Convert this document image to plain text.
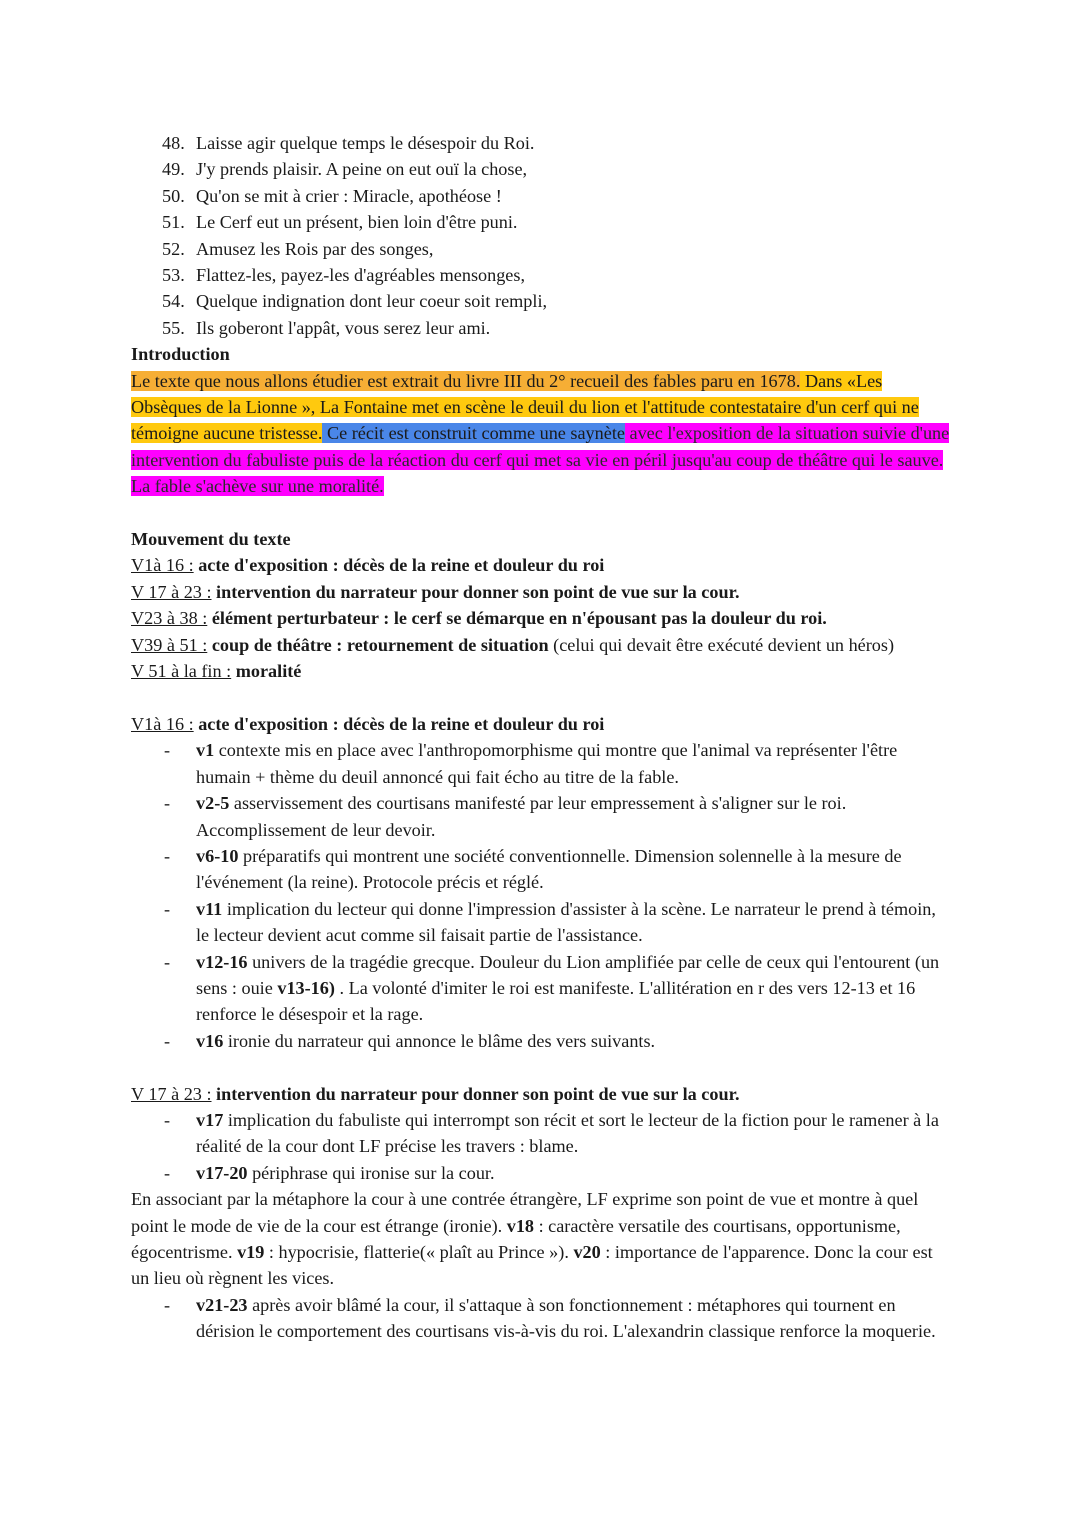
48. Laisse agir quelque temps le désespoir du Roi.
49. J'y prends plaisir. A peine on eut ouï la chose,
50. Qu'on se mit à crier : Miracle, apothéose !
51. Le Cerf eut un présent, bien loin d'être puni.
52. Amusez les Rois par des songes,
53. Flattez-les, payez-les d'agréables mensonges,
54. Quelque indignation dont leur coeur soit rempli,
55. Ils goberont l'appât, vous serez leur ami.

Introduction

Le texte que nous allons étudier est extrait du livre III du 2° recueil des fables paru en 1678. Dans «Les Obsèques de la Lionne », La Fontaine met en scène le deuil du lion et l'attitude contestataire d'un cerf qui ne témoigne aucune tristesse. Ce récit est construit comme une saynète avec l'exposition de la situation suivie d'une intervention du fabuliste puis de la réaction du cerf qui met sa vie en péril jusqu'au coup de théâtre qui le sauve. La fable s'achève sur une moralité.

Mouvement du texte

V1à 16 : acte d'exposition : décès de la reine et douleur du roi

V 17 à 23 : intervention du narrateur pour donner son point de vue sur la cour.

V23 à 38 : élément perturbateur : le cerf se démarque en n'épousant pas la douleur du roi.

V39 à 51 : coup de théâtre : retournement de situation (celui qui devait être exécuté devient un héros)

V 51 à la fin : moralité

V1à 16 : acte d'exposition : décès de la reine et douleur du roi

- v1 contexte mis en place avec l'anthropomorphisme qui montre que l'animal va représenter l'être humain + thème du deuil annoncé qui fait écho au titre de la fable.
- v2-5 asservissement des courtisans manifesté par leur empressement à s'aligner sur le roi. Accomplissement de leur devoir.
- v6-10 préparatifs qui montrent une société conventionnelle. Dimension solennelle à la mesure de l'événement (la reine). Protocole précis et réglé.
- v11 implication du lecteur qui donne l'impression d'assister à la scène. Le narrateur le prend à témoin, le lecteur devient acut comme sil faisait partie de l'assistance.
- v12-16 univers de la tragédie grecque. Douleur du Lion amplifiée par celle de ceux qui l'entourent (un sens : ouie v13-16) . La volonté d'imiter le roi est manifeste. L'allitération en r des vers 12-13 et 16 renforce le désespoir et la rage.
- v16 ironie du narrateur qui annonce le blâme des vers suivants.

V 17 à 23 : intervention du narrateur pour donner son point de vue sur la cour.

- v17 implication du fabuliste qui interrompt son récit et sort le lecteur de la fiction pour le ramener à la réalité de la cour dont LF précise les travers : blame.
- v17-20 périphrase qui ironise sur la cour.

En associant par la métaphore la cour à une contrée étrangère, LF exprime son point de vue et montre à quel point le mode de vie de la cour est étrange (ironie). v18 : caractère versatile des courtisans, opportunisme, égocentrisme. v19 : hypocrisie, flatterie(« plaît au Prince »). v20 : importance de l'apparence. Donc la cour est un lieu où règnent les vices.

- v21-23 après avoir blâmé la cour, il s'attaque à son fonctionnement : métaphores qui tournent en dérision le comportement des courtisans vis-à-vis du roi. L'alexandrin classique renforce la moquerie.
